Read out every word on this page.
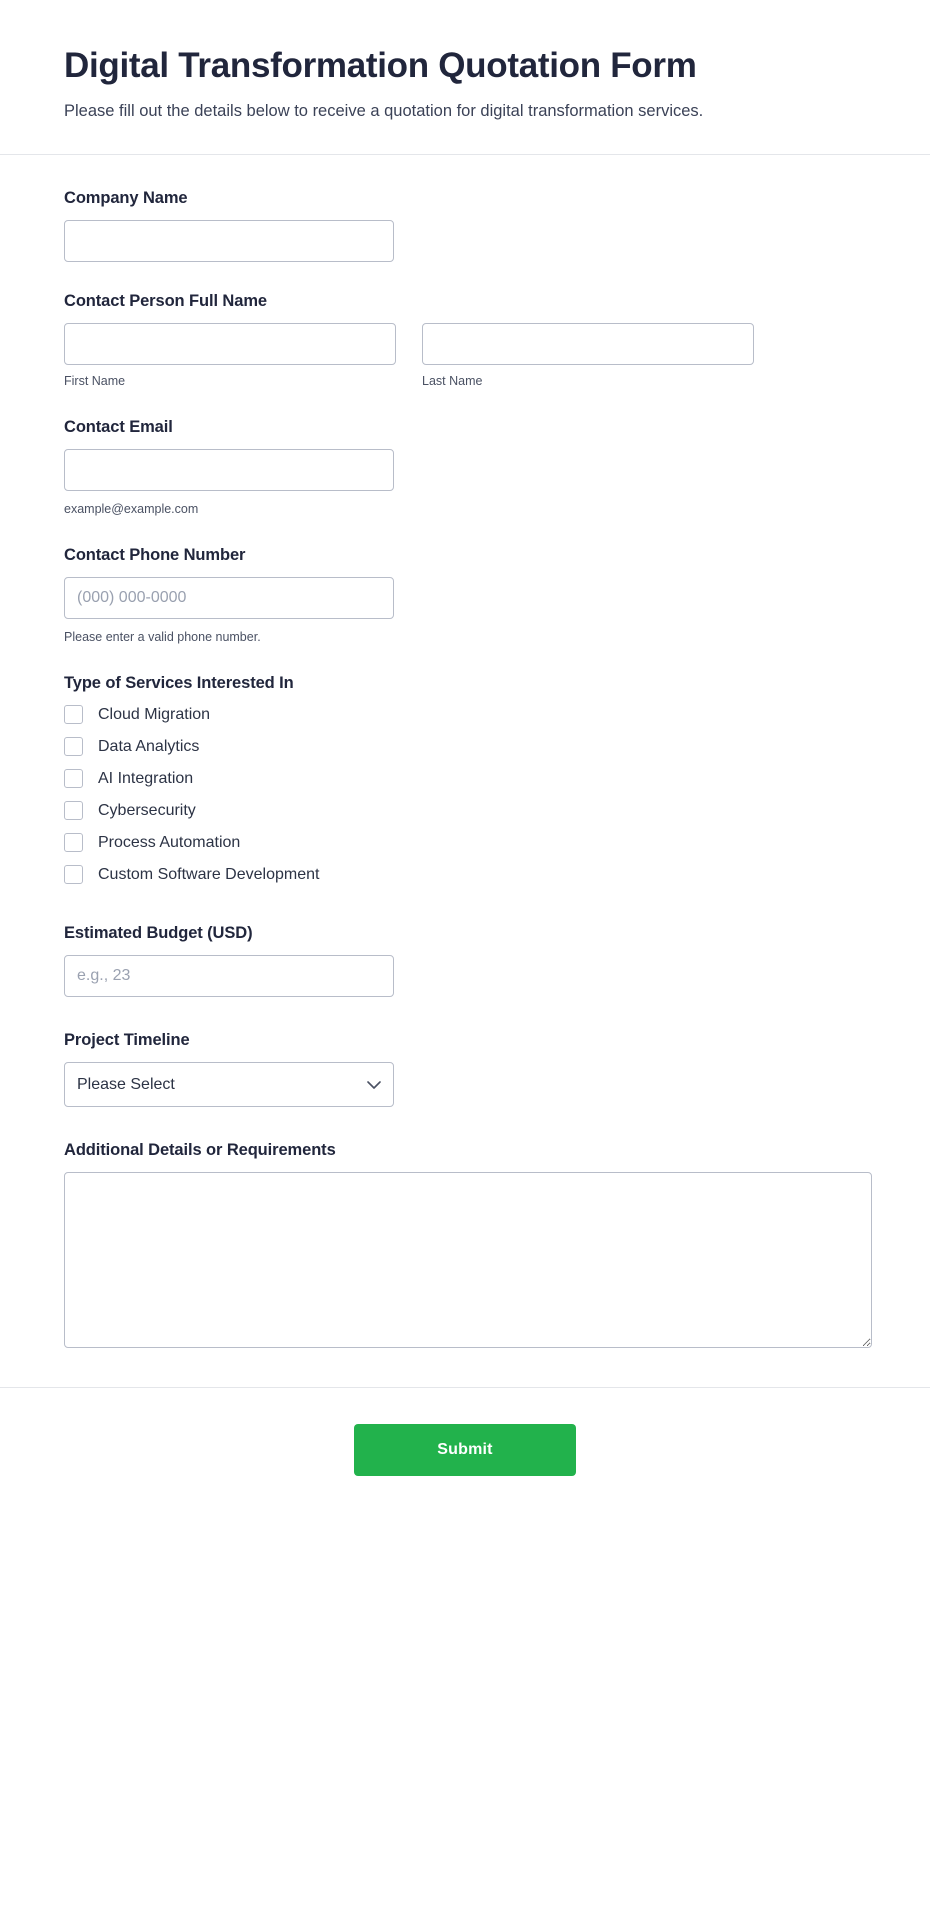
Digital Transformation Quotation Form

Please fill out the details below to receive a quotation for digital transformation services.

Company Name
Contact Person Full Name
First Name	Last Name
Contact Email
example@example.com
Contact Phone Number
(000) 000-0000
Please enter a valid phone number.
Type of Services Interested In
Cloud Migration
Data Analytics
AI Integration
Cybersecurity
Process Automation
Custom Software Development
Estimated Budget (USD)
e.g., 23
Project Timeline
Please Select
Additional Details or Requirements
Submit
